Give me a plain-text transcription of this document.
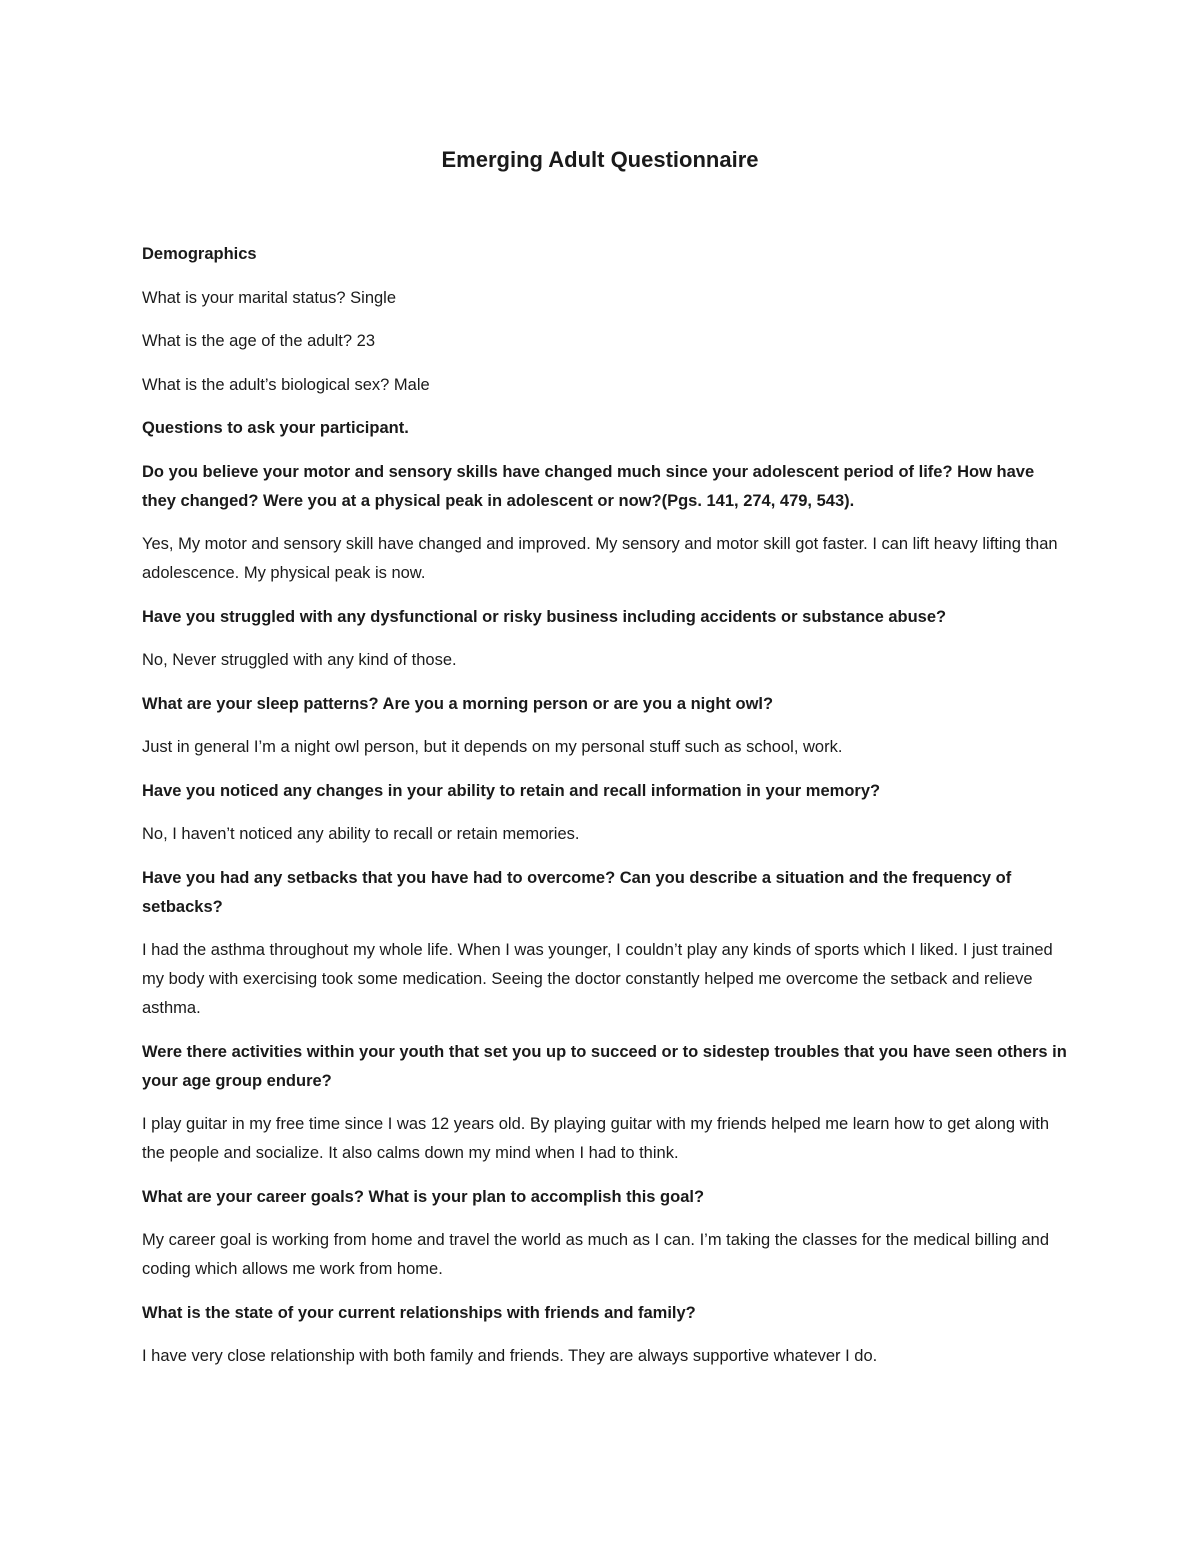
Emerging Adult Questionnaire

Demographics

What is your marital status? Single

What is the age of the adult? 23

What is the adult’s biological sex? Male

Questions to ask your participant.

Do you believe your motor and sensory skills have changed much since your adolescent period of life? How have they changed? Were you at a physical peak in adolescent or now?(Pgs. 141, 274, 479, 543).

Yes, My motor and sensory skill have changed and improved. My sensory and motor skill got faster. I can lift heavy lifting than adolescence. My physical peak is now.

Have you struggled with any dysfunctional or risky business including accidents or substance abuse?

No, Never struggled with any kind of those.

What are your sleep patterns? Are you a morning person or are you a night owl?

Just in general I’m a night owl person, but it depends on my personal stuff such as school, work.

Have you noticed any changes in your ability to retain and recall information in your memory?

No, I haven’t noticed any ability to recall or retain memories.

Have you had any setbacks that you have had to overcome? Can you describe a situation and the frequency of setbacks?

I had the asthma throughout my whole life. When I was younger, I couldn’t play any kinds of sports which I liked. I just trained my body with exercising took some medication. Seeing the doctor constantly helped me overcome the setback and relieve asthma.

Were there activities within your youth that set you up to succeed or to sidestep troubles that you have seen others in your age group endure?

I play guitar in my free time since I was 12 years old. By playing guitar with my friends helped me learn how to get along with the people and socialize. It also calms down my mind when I had to think.

What are your career goals? What is your plan to accomplish this goal?

My career goal is working from home and travel the world as much as I can. I’m taking the classes for the medical billing and coding which allows me work from home.

What is the state of your current relationships with friends and family?

I have very close relationship with both family and friends. They are always supportive whatever I do.
